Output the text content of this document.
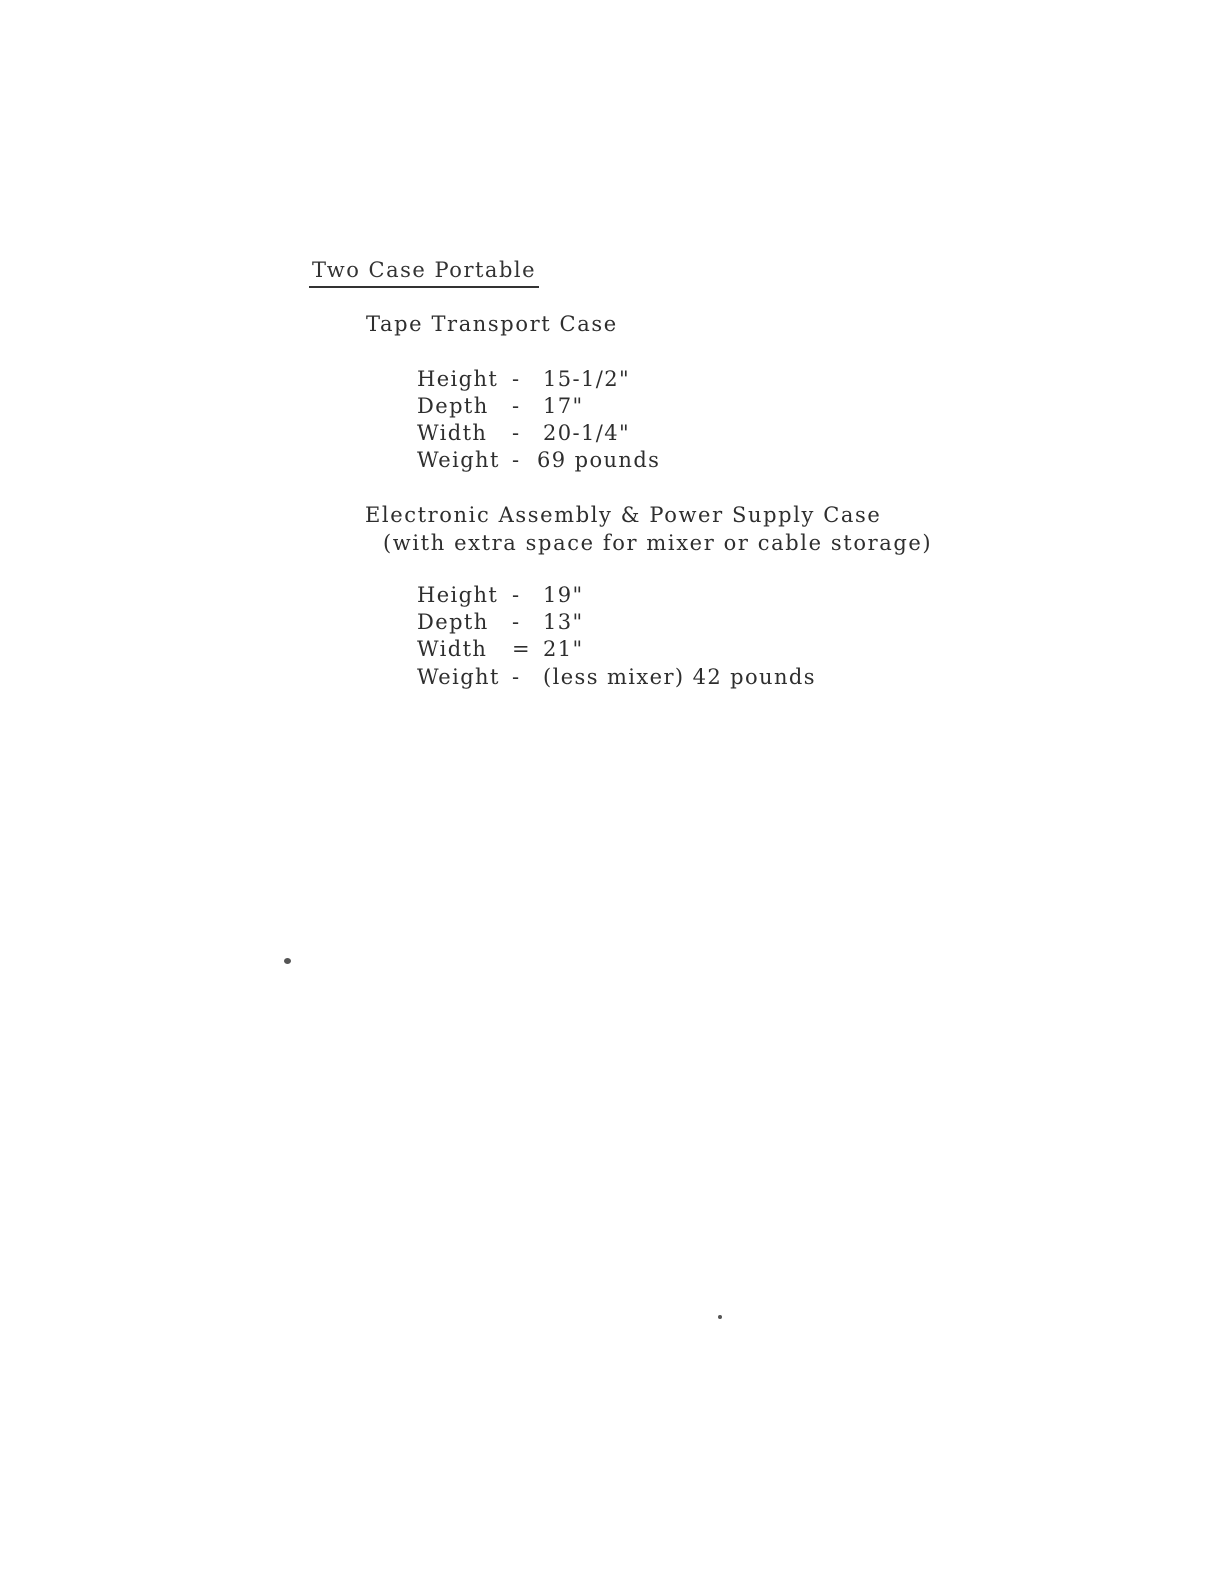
Two Case Portable
Tape Transport Case
Height - 15-1/2"
Depth - 17"
Width - 20-1/4"
Weight - 69 pounds
Electronic Assembly & Power Supply Case
(with extra space for mixer or cable storage)
Height - 19"
Depth - 13"
Width = 21"
Weight - (less mixer) 42 pounds
